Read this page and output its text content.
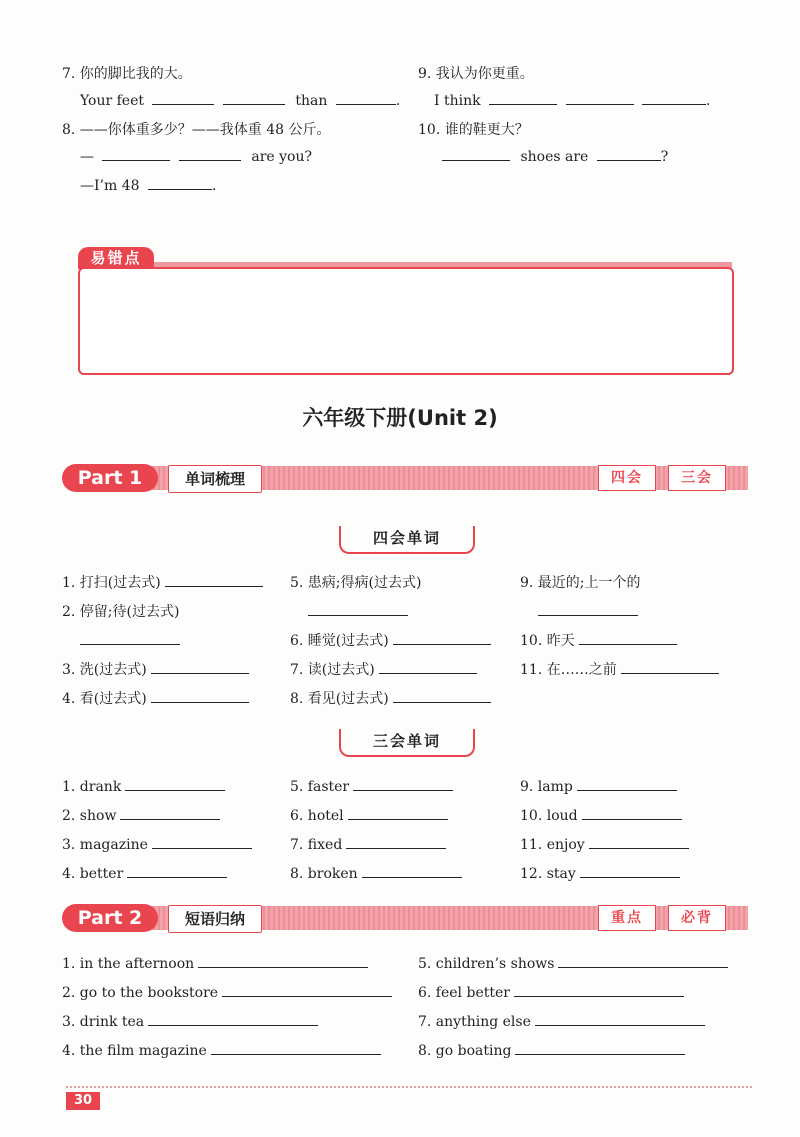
7. 你的脚比我的大。
Your feet	than	.
8. ——你体重多少？——我体重 48 公斤。
—	are you?
—I’m 48	.
9. 我认为你更重。
I think	.
10. 谁的鞋更大？
shoes are	?
易错点
六年级下册(Unit 2)
Part 1	单词梳理	四会	三会
四会单词
1. 打扫(过去式)
2. 停留;待(过去式)
3. 洗(过去式)
4. 看(过去式)
5. 患病;得病(过去式)
6. 睡觉(过去式)
7. 读(过去式)
8. 看见(过去式)
9. 最近的;上一个的
10. 昨天
11. 在……之前
三会单词
1. drank
2. show
3. magazine
4. better
5. faster
6. hotel
7. fixed
8. broken
9. lamp
10. loud
11. enjoy
12. stay
Part 2	短语归纳	重点	必背
1. in the afternoon
2. go to the bookstore
3. drink tea
4. the film magazine
5. children’s shows
6. feel better
7. anything else
8. go boating
30
